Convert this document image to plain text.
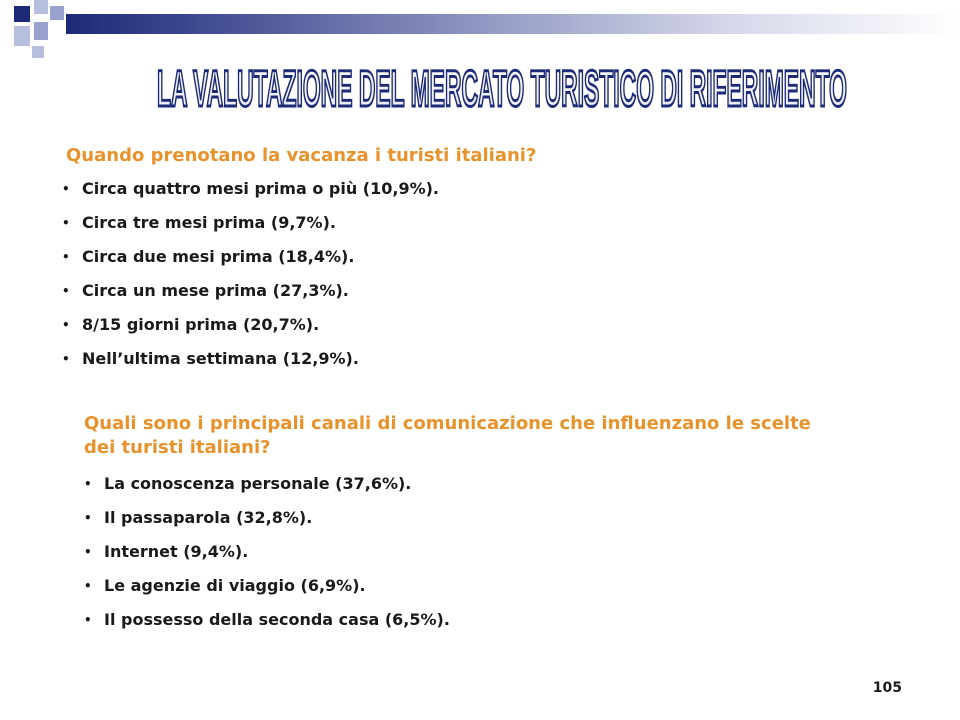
LA VALUTAZIONE DEL MERCATO TURISTICO DI RIFERIMENTO

Quando prenotano la vacanza i turisti italiani?

• Circa quattro mesi prima o più (10,9%).
• Circa tre mesi prima (9,7%).
• Circa due mesi prima (18,4%).
• Circa un mese prima (27,3%).
• 8/15 giorni prima (20,7%).
• Nell’ultima settimana (12,9%).

Quali sono i principali canali di comunicazione che influenzano le scelte

dei turisti italiani?

• La conoscenza personale (37,6%).
• Il passaparola (32,8%).
• Internet (9,4%).
• Le agenzie di viaggio (6,9%).
• Il possesso della seconda casa (6,5%).
105
